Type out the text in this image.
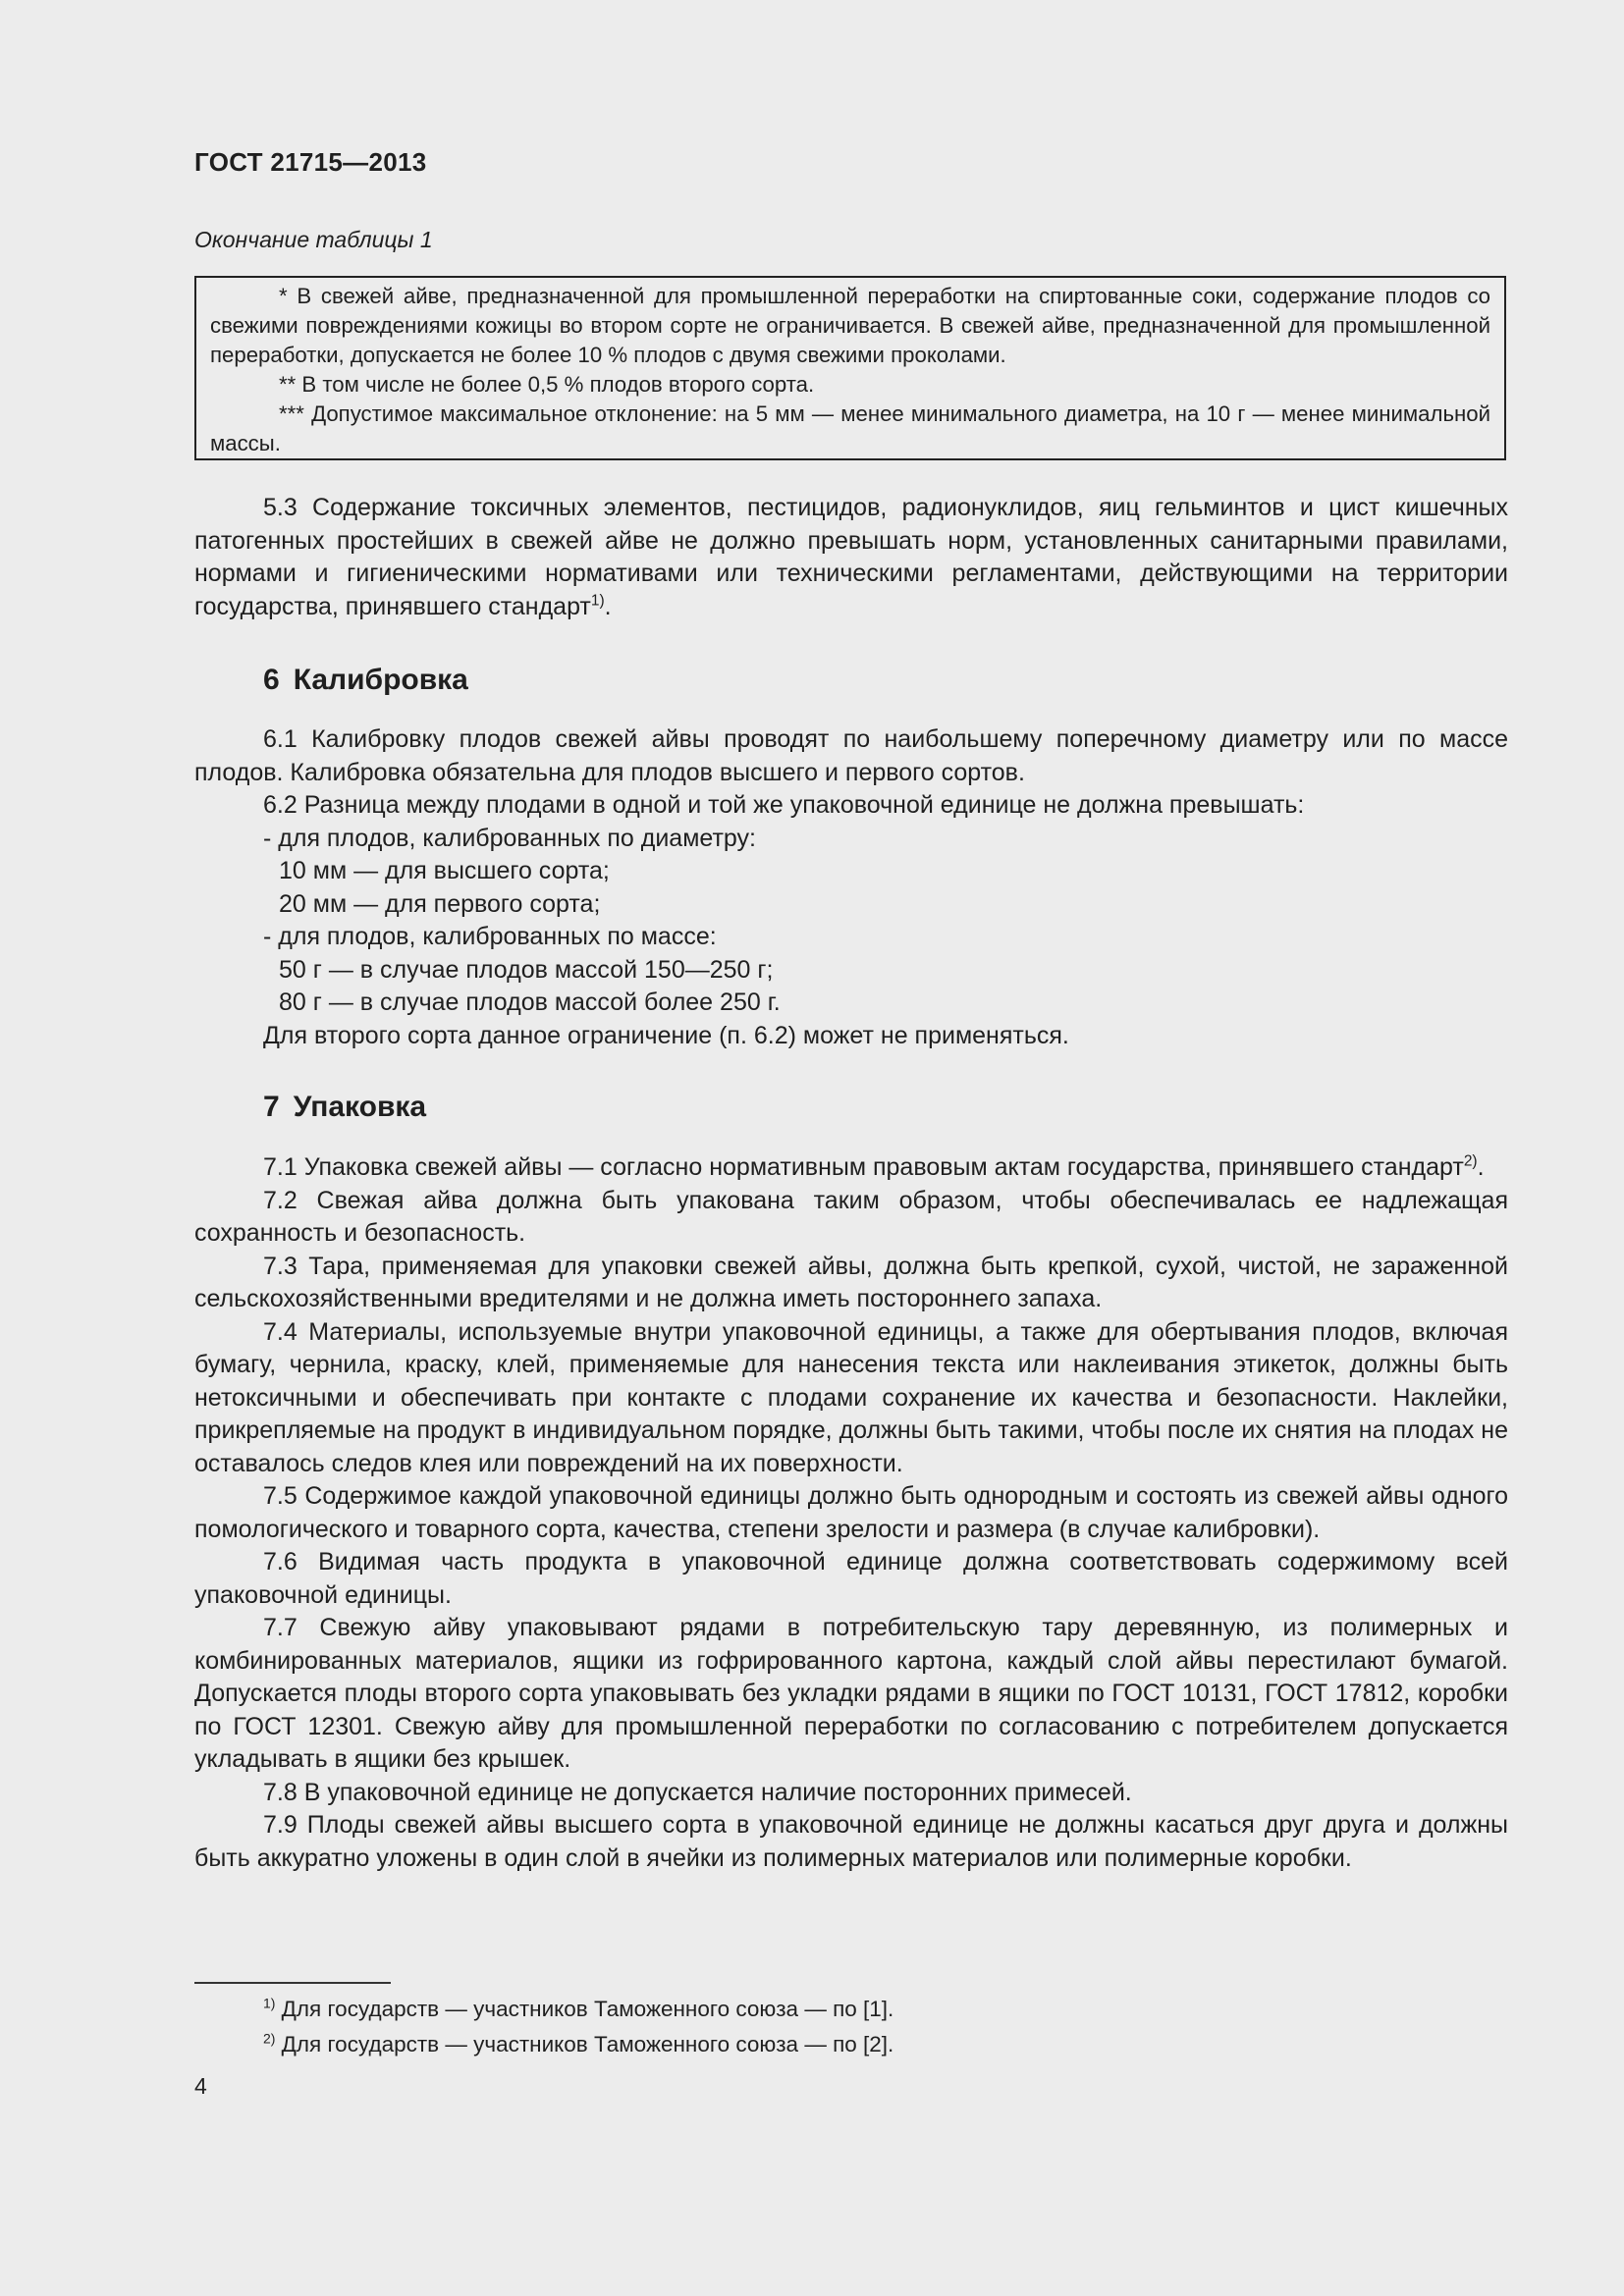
ГОСТ 21715—2013
Окончание таблицы 1
* В свежей айве, предназначенной для промышленной переработки на спиртованные соки, содержание плодов со свежими повреждениями кожицы во втором сорте не ограничивается. В свежей айве, предназначенной для промышленной переработки, допускается не более 10 % плодов с двумя свежими проколами.
** В том числе не более 0,5 % плодов второго сорта.
*** Допустимое максимальное отклонение: на 5 мм — менее минимального диаметра, на 10 г — менее минимальной массы.
5.3 Содержание токсичных элементов, пестицидов, радионуклидов, яиц гельминтов и цист кишечных патогенных простейших в свежей айве не должно превышать норм, установленных санитарными правилами, нормами и гигиеническими нормативами или техническими регламентами, действующими на территории государства, принявшего стандарт$^{1)}$.
6 Калибровка
6.1 Калибровку плодов свежей айвы проводят по наибольшему поперечному диаметру или по массе плодов. Калибровка обязательна для плодов высшего и первого сортов.
6.2 Разница между плодами в одной и той же упаковочной единице не должна превышать:
- для плодов, калиброванных по диаметру:
10 мм — для высшего сорта;
20 мм — для первого сорта;
- для плодов, калиброванных по массе:
50 г — в случае плодов массой 150—250 г;
80 г — в случае плодов массой более 250 г.
Для второго сорта данное ограничение (п. 6.2) может не применяться.
7 Упаковка
7.1 Упаковка свежей айвы — согласно нормативным правовым актам государства, принявшего стандарт$^{2)}$.
7.2 Свежая айва должна быть упакована таким образом, чтобы обеспечивалась ее надлежащая сохранность и безопасность.
7.3 Тара, применяемая для упаковки свежей айвы, должна быть крепкой, сухой, чистой, не зараженной сельскохозяйственными вредителями и не должна иметь постороннего запаха.
7.4 Материалы, используемые внутри упаковочной единицы, а также для обертывания плодов, включая бумагу, чернила, краску, клей, применяемые для нанесения текста или наклеивания этикеток, должны быть нетоксичными и обеспечивать при контакте с плодами сохранение их качества и безопасности. Наклейки, прикрепляемые на продукт в индивидуальном порядке, должны быть такими, чтобы после их снятия на плодах не оставалось следов клея или повреждений на их поверхности.
7.5 Содержимое каждой упаковочной единицы должно быть однородным и состоять из свежей айвы одного помологического и товарного сорта, качества, степени зрелости и размера (в случае калибровки).
7.6 Видимая часть продукта в упаковочной единице должна соответствовать содержимому всей упаковочной единицы.
7.7 Свежую айву упаковывают рядами в потребительскую тару деревянную, из полимерных и комбинированных материалов, ящики из гофрированного картона, каждый слой айвы перестилают бумагой. Допускается плоды второго сорта упаковывать без укладки рядами в ящики по ГОСТ 10131, ГОСТ 17812, коробки по ГОСТ 12301. Свежую айву для промышленной переработки по согласованию с потребителем допускается укладывать в ящики без крышек.
7.8 В упаковочной единице не допускается наличие посторонних примесей.
7.9 Плоды свежей айвы высшего сорта в упаковочной единице не должны касаться друг друга и должны быть аккуратно уложены в один слой в ячейки из полимерных материалов или полимерные коробки.
$^{1)}$ Для государств — участников Таможенного союза — по [1].
$^{2)}$ Для государств — участников Таможенного союза — по [2].
4
